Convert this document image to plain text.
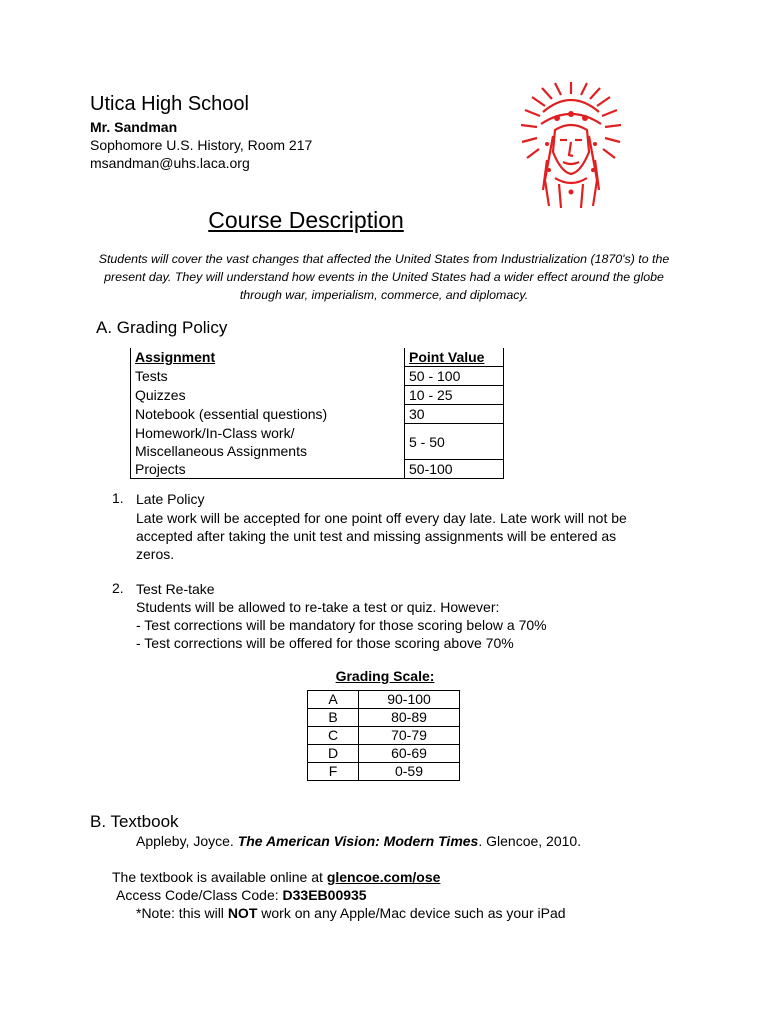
Utica High School
Mr. Sandman
Sophomore U.S. History, Room 217
msandman@uhs.laca.org
Course Description
Students will cover the vast changes that affected the United States from Industrialization (1870's) to the present day. They will understand how events in the United States had a wider effect around the globe through war, imperialism, commerce, and diplomacy.
A. Grading Policy
Assignment	Point Value
Tests	50 - 100
Quizzes	10 - 25
Notebook (essential questions)	30
Homework/In-Class work/
Miscellaneous Assignments	5 - 50
Projects	50-100
1. Late Policy
Late work will be accepted for one point off every day late. Late work will not be
accepted after taking the unit test and missing assignments will be entered as
zeros.
2. Test Re-take
Students will be allowed to re-take a test or quiz. However:
- Test corrections will be mandatory for those scoring below a 70%
- Test corrections will be offered for those scoring above 70%
Grading Scale:
A	90-100
B	80-89
C	70-79
D	60-69
F	0-59
B. Textbook
Appleby, Joyce. The American Vision: Modern Times. Glencoe, 2010.
The textbook is available online at glencoe.com/ose
Access Code/Class Code: D33EB00935
*Note: this will NOT work on any Apple/Mac device such as your iPad
